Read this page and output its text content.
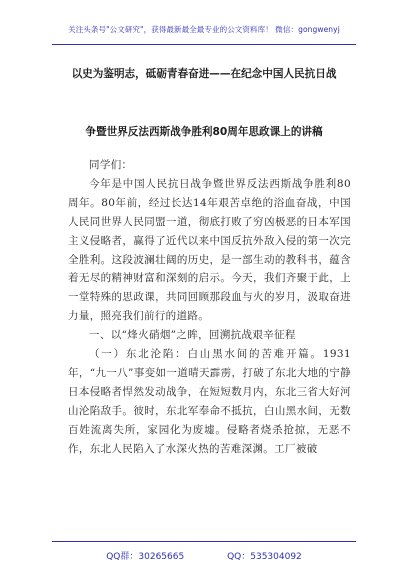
关注头条号"公文研究"，获得最新最全最专业的公文资料库！ 微信：gongwenyj
以史为鉴明志，砥砺青春奋进——在纪念中国人民抗日战
争暨世界反法西斯战争胜利80周年思政课上的讲稿

同学们：

今年是中国人民抗日战争暨世界反法西斯战争胜利80周年。80年前，经过长达14年艰苦卓绝的浴血奋战，中国人民同世界人民同盟一道，彻底打败了穷凶极恶的日本军国主义侵略者，赢得了近代以来中国反抗外敌入侵的第一次完全胜利。这段波澜壮阔的历史，是一部生动的教科书，蕴含着无尽的精神财富和深刻的启示。今天，我们齐聚于此，上一堂特殊的思政课，共同回顾那段血与火的岁月，汲取奋进力量，照亮我们前行的道路。

一、以“烽火硝烟”之眸，回溯抗战艰辛征程

（一）东北沦陷：白山黑水间的苦难开篇。1931年，“九一八”事变如一道晴天霹雳，打破了东北大地的宁静日本侵略者悍然发动战争，在短短数月内，东北三省大好河山沦陷敌手。彼时，东北军奉命不抵抗，白山黑水间，无数百姓流离失所，家园化为废墟。侵略者烧杀抢掠，无恶不作，东北人民陷入了水深火热的苦难深渊。工厂被破

QQ群：30265665	QQ：535304092
